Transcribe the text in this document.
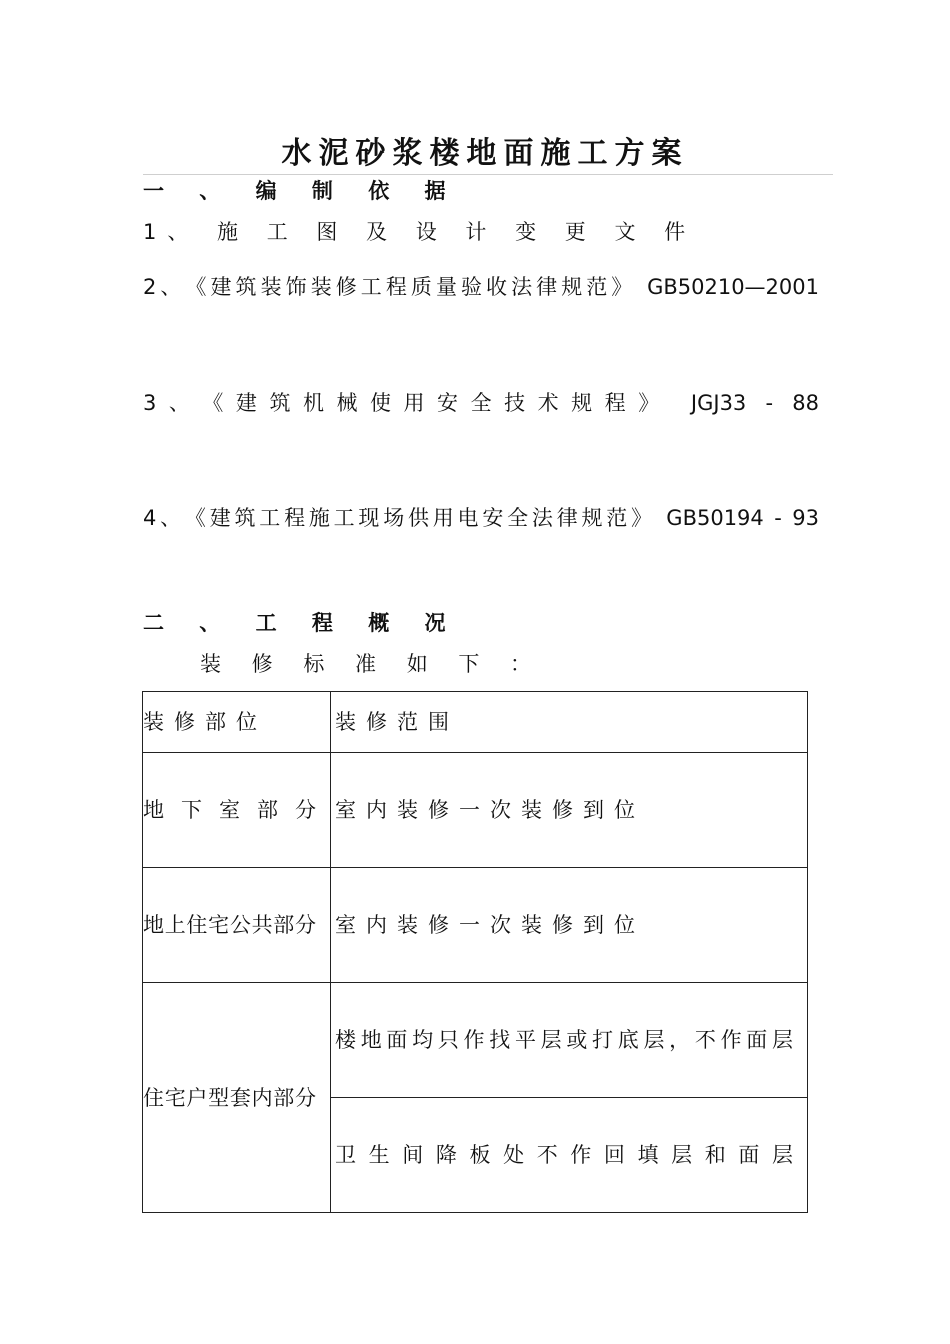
水泥砂浆楼地面施工方案

一 、 编 制 依 据

1、 施 工 图 及 设 计 变 更 文 件

2​、​《​建​筑​装​饰​装​修​工​程​质​量​验​收​法​律​规​范​》​ ​G​B​5​0​2​1​0​—​2​0​0​1

3​、​《​建​筑​机​械​使​用​安​全​技​术​规​程​》​ ​J​G​J​3​3​ ​-​ ​8​8

4​、​《​建​筑​工​程​施​工​现​场​供​用​电​安​全​法​律​规​范​》​ ​G​B​5​0​1​9​4​ ​-​ ​9​3

二 、 工 程 概 况

装 修 标 准 如 下 ：

装修部位	装修范围

地​下​室​部​分	室内装修一次装修到位

地​上​住​宅​公​共​部​分	室内装修一次装修到位

住​宅​户​型​套​内​部​分	楼​地​面​均​只​作​找​平​层​或​打​底​层​，​不​作​面​层

	卫​生​间​降​板​处​不​作​回​填​层​和​面​层
